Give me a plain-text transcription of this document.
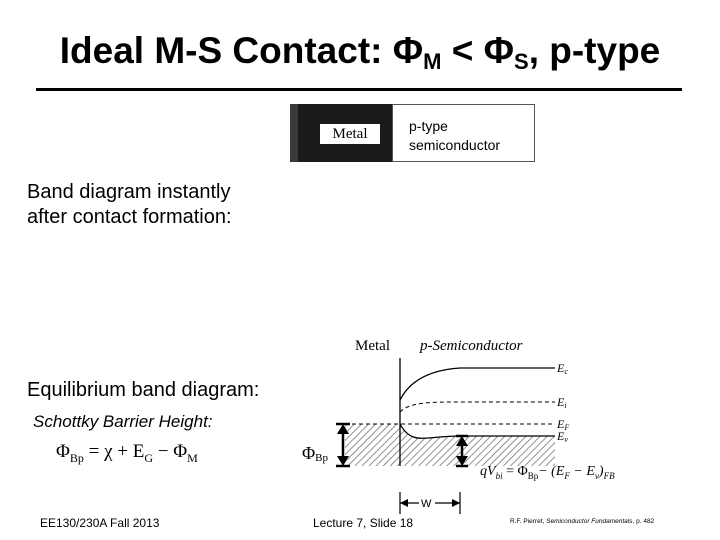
Ideal M-S Contact: $\Phi_M < \Phi_S$, p-type
Metal	p-type
semiconductor
Band diagram instantly
after contact formation:
Equilibrium band diagram:
Schottky Barrier Height:
$\Phi_{Bp} = \chi + E_G - \Phi_M$
Metal p-Semiconductor
Ec
Ei
EF
Ev
ΦBp
W
$qV_{bi} = \Phi_{Bp}- (E_F - E_v)_{FB}$
EE130/230A Fall 2013	Lecture 7, Slide 18	R.F. Pierret, Semiconductor Fundamentals, p. 482
